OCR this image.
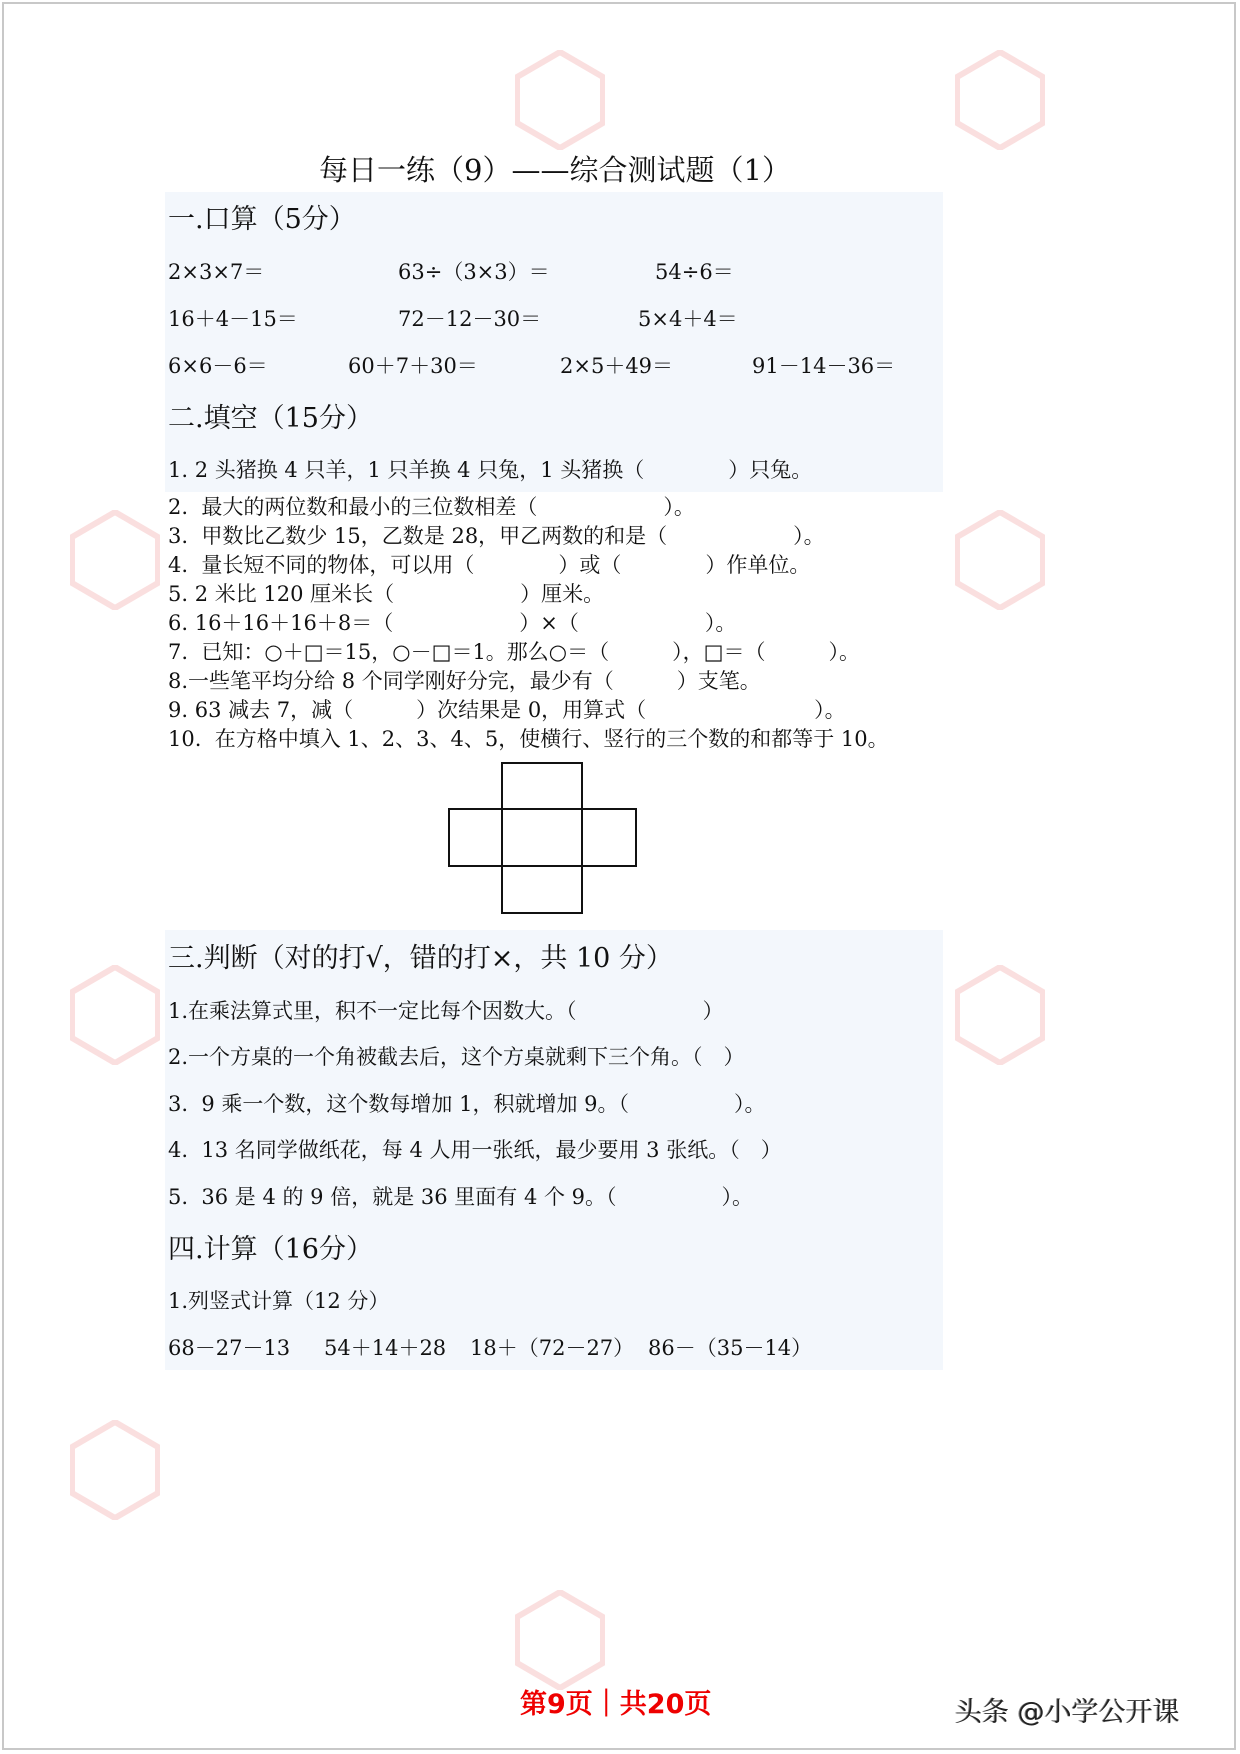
每日一练（9）——综合测试题（1）
一.口算（5分）
2×3×7＝	63÷（3×3）＝	54÷6＝
16＋4－15＝	72－12－30＝	5×4＋4＝
6×6－6＝	60＋7＋30＝	2×5＋49＝	91－14－36＝
二.填空（15分）
1. 2 头猪换 4 只羊，1 只羊换 4 只兔，1 头猪换（　　　　）只兔。
2.  最大的两位数和最小的三位数相差（　　　　　　）。
3.  甲数比乙数少 15，乙数是 28，甲乙两数的和是（　　　　　　）。
4.  量长短不同的物体，可以用（　　　　）或（　　　　）作单位。
5. 2 米比 120 厘米长（　　　　　　）厘米。
6. 16＋16＋16＋8＝（　　　　　　）×（　　　　　　）。
7.  已知：○＋□＝15，○－□＝1。那么○＝（　　　），□＝（　　　）。
8.一些笔平均分给 8 个同学刚好分完，最少有（　　　）支笔。
9. 63 减去 7，减（　　　）次结果是 0，用算式（　　　　　　　　）。
10.  在方格中填入 1、2、3、4、5，使横行、竖行的三个数的和都等于 10。
三.判断（对的打√，错的打×，共 10 分）
1.在乘法算式里，积不一定比每个因数大。（　　　　　　）
2.一个方桌的一个角被截去后，这个方桌就剩下三个角。（　）
3.  9 乘一个数，这个数每增加 1，积就增加 9。（　　　　　）。
4.  13 名同学做纸花，每 4 人用一张纸，最少要用 3 张纸。（　）
5.  36 是 4 的 9 倍，就是 36 里面有 4 个 9。（　　　　　）。
四.计算（16分）
1.列竖式计算（12 分）
68－27－13 54＋14＋28 18＋（72－27） 86－（35－14）
第9页｜共20页	头条 @小学公开课
